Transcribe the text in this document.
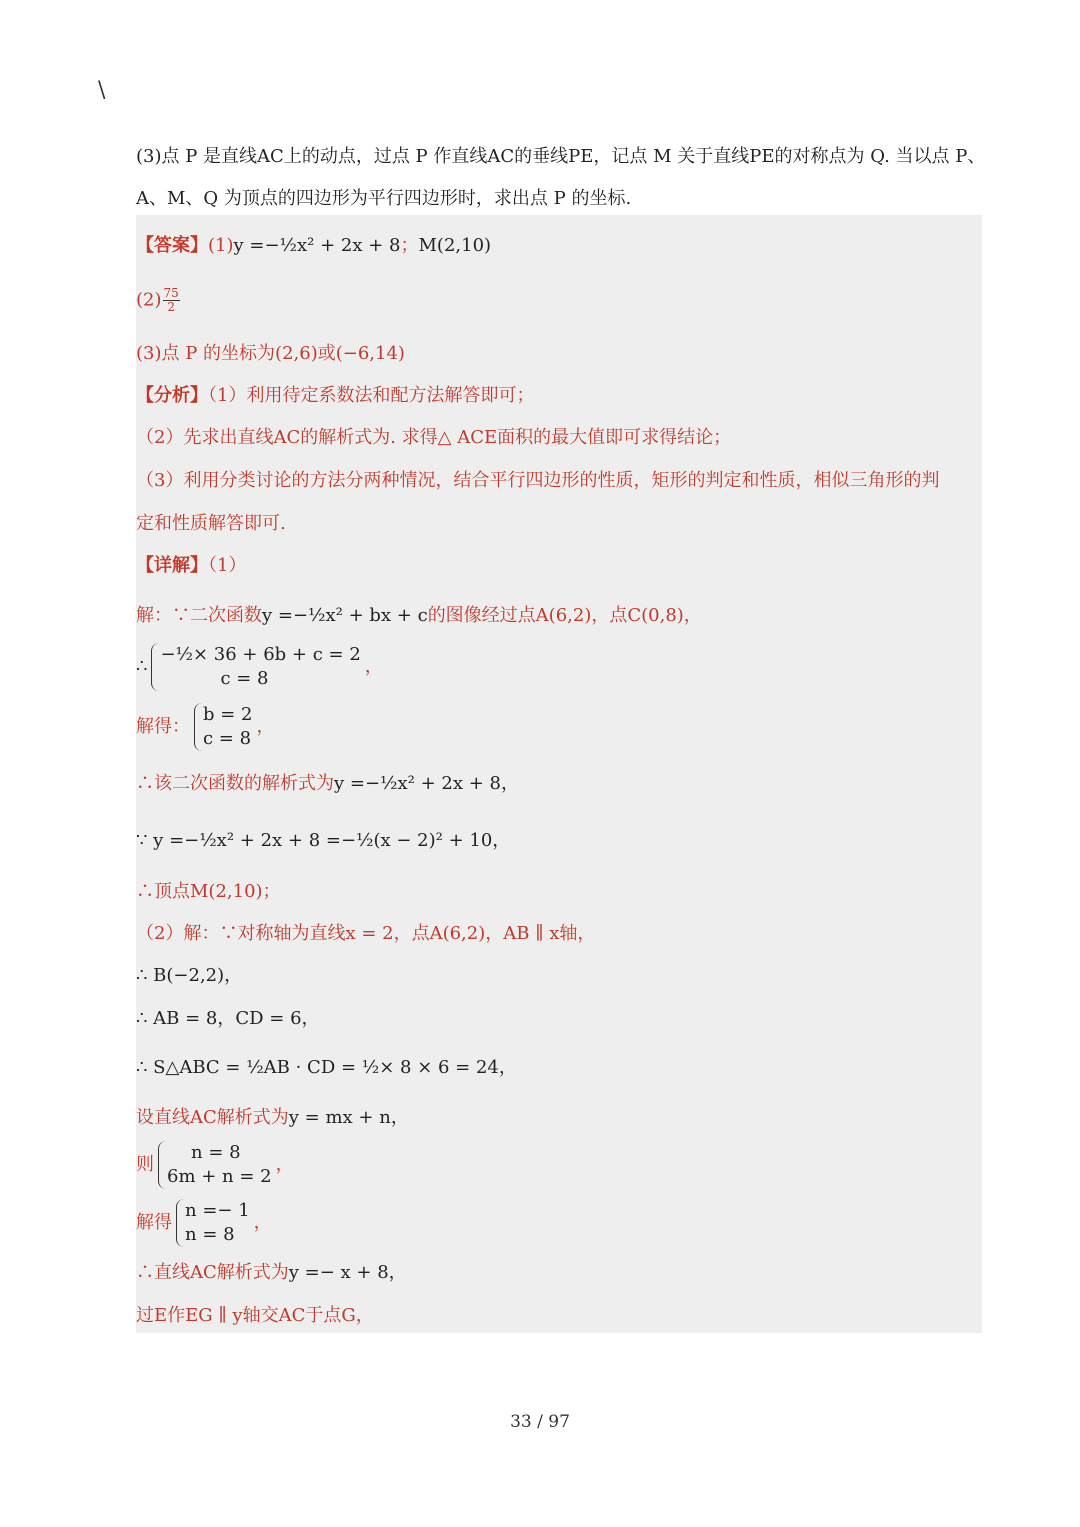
\
(3)点 P 是直线AC上的动点，过点 P 作直线AC的垂线PE，记点 M 关于直线PE的对称点为 Q. 当以点 P、
A、M、Q 为顶点的四边形为平行四边形时，求出点 P 的坐标.
【答案】(1)y =−½x² + 2x + 8；M(2,10)
$(2) \frac{75}{2}$
(3)点 P 的坐标为(2,6)或(−6,14)
【分析】（1）利用待定系数法和配方法解答即可；
（2）先求出直线AC的解析式为. 求得△ ACE面积的最大值即可求得结论；
（3）利用分类讨论的方法分两种情况，结合平行四边形的性质，矩形的判定和性质，相似三角形的判
定和性质解答即可.
【详解】（1）
解：∵二次函数y =−½x² + bx + c的图像经过点A(6,2)，点C(0,8)，
∴
−½× 36 + 6b + c = 2
c = 8
，
解得：
b = 2
c = 8
，
∴该二次函数的解析式为y =−½x² + 2x + 8，
∵ y =−½x² + 2x + 8 =−½(x − 2)² + 10，
∴顶点M(2,10)；
（2）解：∵对称轴为直线x = 2，点A(6,2)，AB ∥ x轴，
∴ B(−2,2)，
∴ AB = 8，CD = 6，
∴ S△ABC = ½AB · CD = ½× 8 × 6 = 24，
设直线AC解析式为y = mx + n，
则
n = 8
6m + n = 2
，
解得
n =− 1
n = 8
，
∴直线AC解析式为y =− x + 8，
过E作EG ∥ y轴交AC于点G，
33 / 97
